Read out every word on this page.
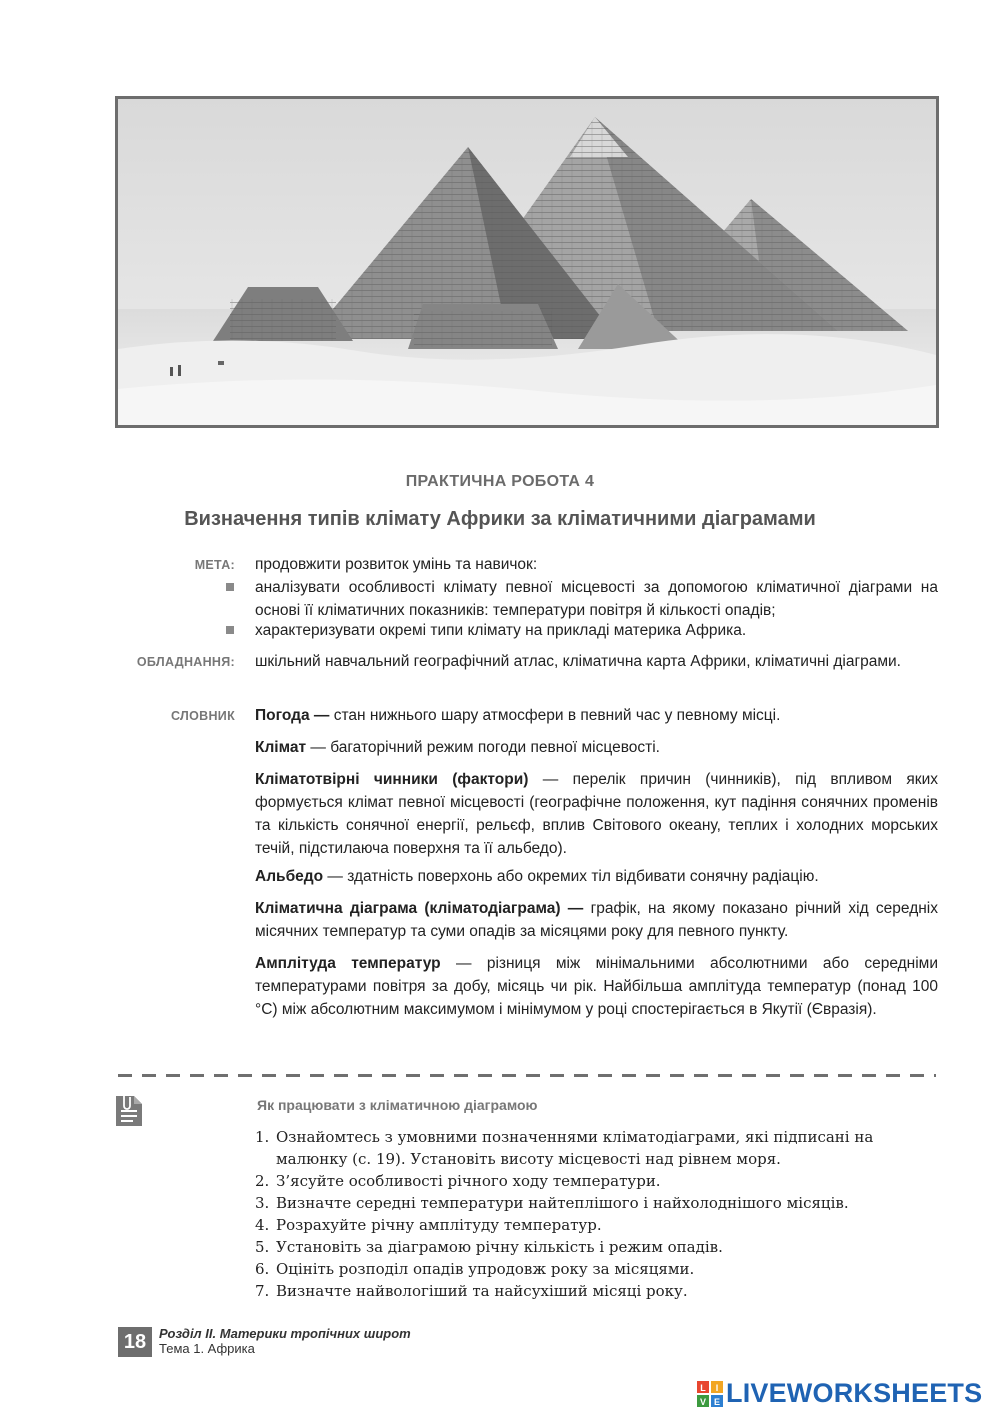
ПРАКТИЧНА РОБОТА 4
Визначення типів клімату Африки за кліматичними діаграмами
МЕТА: продовжити розвиток умінь та навичок:
аналізувати особливості клімату певної місцевості за допомогою кліматичної діаграми на основі її кліматичних показників: температури повітря й кількості опадів;
характеризувати окремі типи клімату на прикладі материка Африка.
ОБЛАДНАННЯ: шкільний навчальний географічний атлас, кліматична карта Африки, кліматичні діаграми.
СЛОВНИК Погода — стан нижнього шару атмосфери в певний час у певному місці.
Клімат — багаторічний режим погоди певної місцевості.
Кліматотвірні чинники (фактори) — перелік причин (чинників), під впливом яких формується клімат певної місцевості (географічне положення, кут падіння сонячних променів та кількість сонячної енергії, рельєф, вплив Світового океану, теплих і холодних морських течій, підстилаюча поверхня та її альбедо).
Альбедо — здатність поверхонь або окремих тіл відбивати сонячну радіацію.
Кліматична діаграма (кліматодіаграма) — графік, на якому показано річний хід середніх місячних температур та суми опадів за місяцями року для певного пункту.
Амплітуда температур — різниця між мінімальними абсолютними або середніми температурами повітря за добу, місяць чи рік. Найбільша амплітуда температур (понад 100 °С) між абсолютним максимумом і мінімумом у році спостерігається в Якутії (Євразія).
Як працювати з кліматичною діаграмою
1. Ознайомтесь з умовними позначеннями кліматодіаграми, які підписані на малюнку (с. 19). Установіть висоту місцевості над рівнем моря.
2. З’ясуйте особливості річного ходу температури.
3. Визначте середні температури найтеплішого і найхолоднішого місяців.
4. Розрахуйте річну амплітуду температур.
5. Установіть за діаграмою річну кількість і режим опадів.
6. Оцініть розподіл опадів упродовж року за місяцями.
7. Визначте найвологіший та найсухіший місяці року.
18 Розділ ІІ. Материки тропічних широт
Тема 1. Африка
L I
V E LIVEWORKSHEETS
